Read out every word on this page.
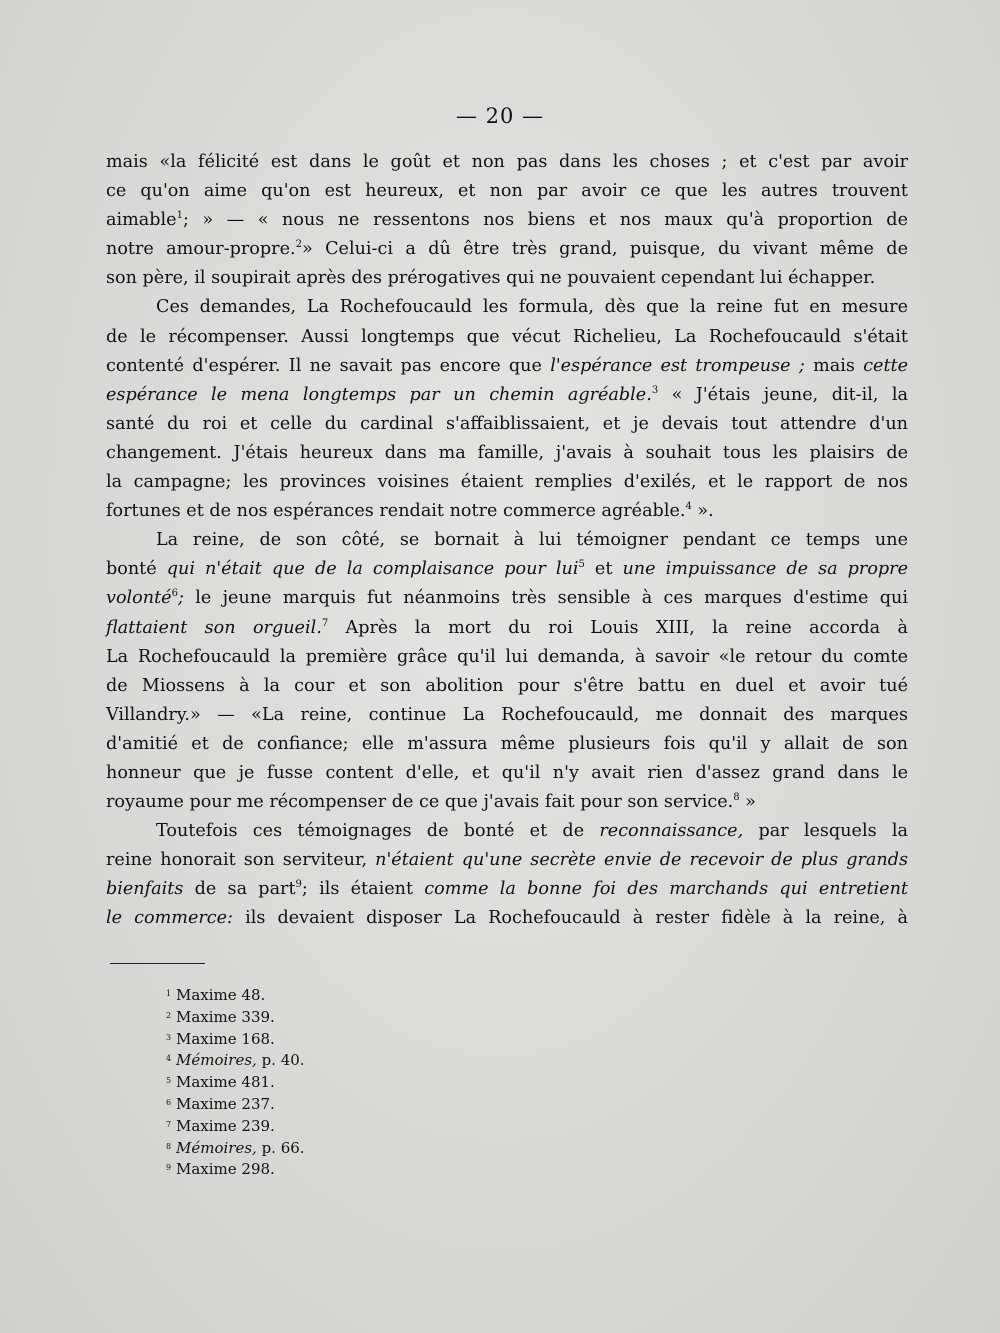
— 20 —
mais «la félicité est dans le goût et non pas dans les choses ; et c'est par avoir
ce qu'on aime qu'on est heureux, et non par avoir ce que les autres trouvent
aimable$^1$; » — « nous ne ressentons nos biens et nos maux qu'à proportion de
notre amour-propre.$^2$» Celui-ci a dû être très grand, puisque, du vivant même de
son père, il soupirait après des prérogatives qui ne pouvaient cependant lui échapper.
Ces demandes, La Rochefoucauld les formula, dès que la reine fut en mesure
de le récompenser. Aussi longtemps que vécut Richelieu, La Rochefoucauld s'était
contenté d'espérer. Il ne savait pas encore que l'espérance est trompeuse ; mais cette
espérance le mena longtemps par un chemin agréable.$^3$ « J'étais jeune, dit-il, la
santé du roi et celle du cardinal s'affaiblissaient, et je devais tout attendre d'un
changement. J'étais heureux dans ma famille, j'avais à souhait tous les plaisirs de
la campagne; les provinces voisines étaient remplies d'exilés, et le rapport de nos
fortunes et de nos espérances rendait notre commerce agréable.$^4$ ».
La reine, de son côté, se bornait à lui témoigner pendant ce temps une
bonté qui n'était que de la complaisance pour lui$^5$ et une impuissance de sa propre
volonté$^6$; le jeune marquis fut néanmoins très sensible à ces marques d'estime qui
flattaient son orgueil.$^7$ Après la mort du roi Louis XIII, la reine accorda à
La Rochefoucauld la première grâce qu'il lui demanda, à savoir «le retour du comte
de Miossens à la cour et son abolition pour s'être battu en duel et avoir tué
Villandry.» — «La reine, continue La Rochefoucauld, me donnait des marques
d'amitié et de confiance; elle m'assura même plusieurs fois qu'il y allait de son
honneur que je fusse content d'elle, et qu'il n'y avait rien d'assez grand dans le
royaume pour me récompenser de ce que j'avais fait pour son service.$^8$ »
Toutefois ces témoignages de bonté et de reconnaissance, par lesquels la
reine honorait son serviteur, n'étaient qu'une secrète envie de recevoir de plus grands
bienfaits de sa part$^9$; ils étaient comme la bonne foi des marchands qui entretient
le commerce: ils devaient disposer La Rochefoucauld à rester fidèle à la reine, à
1 Maxime 48.
2 Maxime 339.
3 Maxime 168.
4 Mémoires, p. 40.
5 Maxime 481.
6 Maxime 237.
7 Maxime 239.
8 Mémoires, p. 66.
9 Maxime 298.
